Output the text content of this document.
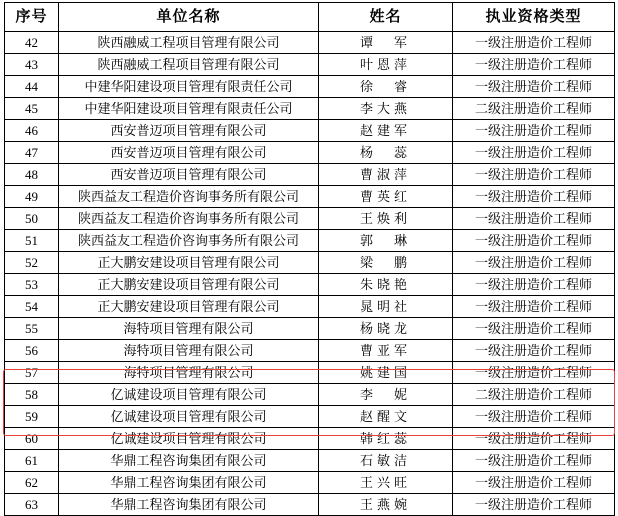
序号	单位名称	姓名	执业资格类型
42	陕西融威工程项目管理有限公司	谭　军	一级注册造价工程师
43	陕西融威工程项目管理有限公司	叶恩萍	一级注册造价工程师
44	中建华阳建设项目管理有限责任公司	徐　睿	一级注册造价工程师
45	中建华阳建设项目管理有限责任公司	李大燕	二级注册造价工程师
46	西安普迈项目管理有限公司	赵建军	一级注册造价工程师
47	西安普迈项目管理有限公司	杨　蕊	一级注册造价工程师
48	西安普迈项目管理有限公司	曹淑萍	一级注册造价工程师
49	陕西益友工程造价咨询事务所有限公司	曹英红	一级注册造价工程师
50	陕西益友工程造价咨询事务所有限公司	王焕利	一级注册造价工程师
51	陕西益友工程造价咨询事务所有限公司	郭　琳	一级注册造价工程师
52	正大鹏安建设项目管理有限公司	梁　鹏	一级注册造价工程师
53	正大鹏安建设项目管理有限公司	朱晓艳	一级注册造价工程师
54	正大鹏安建设项目管理有限公司	晁明社	一级注册造价工程师
55	海特项目管理有限公司	杨晓龙	一级注册造价工程师
56	海特项目管理有限公司	曹亚军	一级注册造价工程师
57	海特项目管理有限公司	姚建国	一级注册造价工程师
58	亿诚建设项目管理有限公司	李　妮	二级注册造价工程师
59	亿诚建设项目管理有限公司	赵醒文	一级注册造价工程师
60	亿诚建设项目管理有限公司	韩红蕊	一级注册造价工程师
61	华鼎工程咨询集团有限公司	石敏洁	一级注册造价工程师
62	华鼎工程咨询集团有限公司	王兴旺	一级注册造价工程师
63	华鼎工程咨询集团有限公司	王燕婉	一级注册造价工程师
